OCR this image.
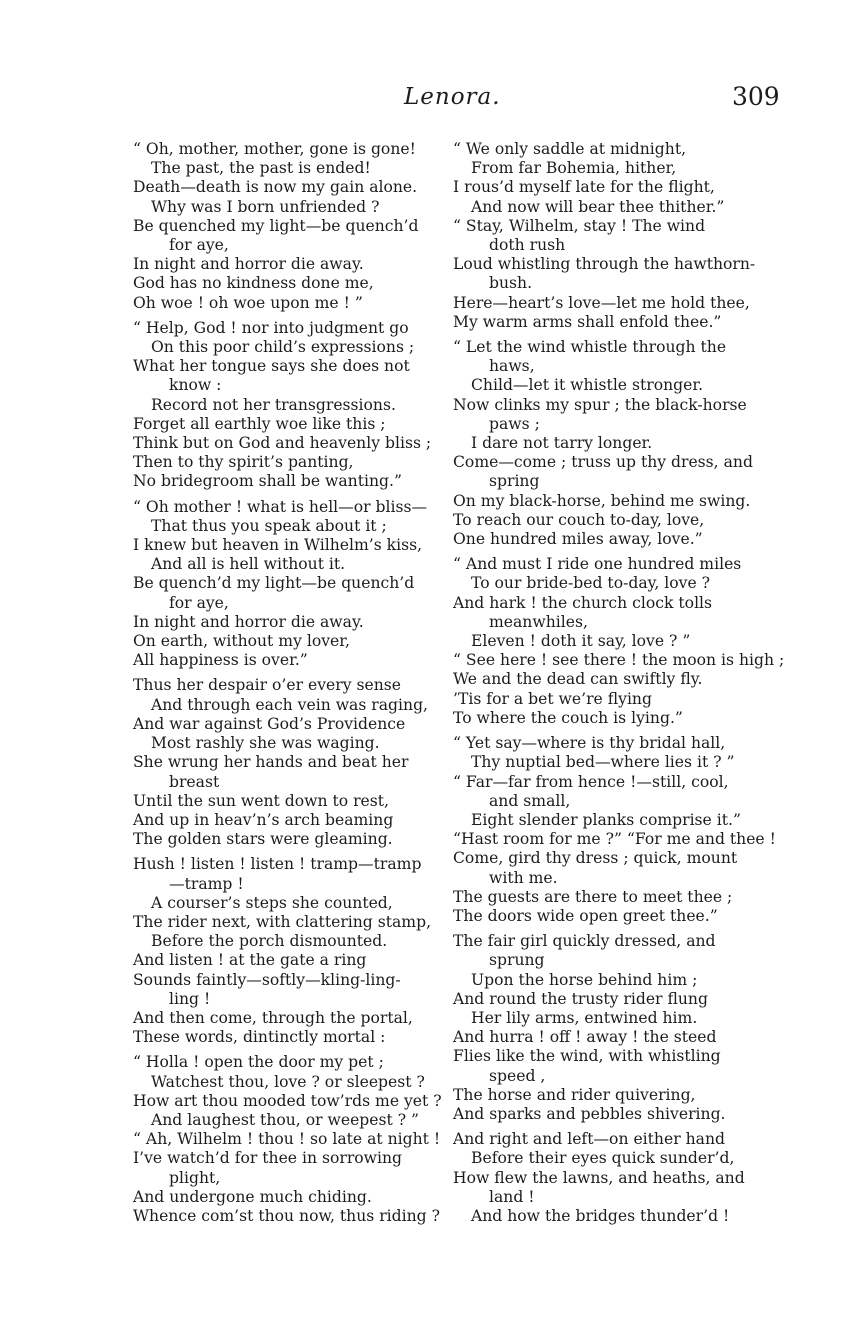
Lenora.	309
“ Oh, mother, mother, gone is gone!
The past, the past is ended!
Death—death is now my gain alone.
Why was I born unfriended ?
Be quenched my light—be quench’d
for aye,
In night and horror die away.
God has no kindness done me,
Oh woe ! oh woe upon me ! ”
“ Help, God ! nor into judgment go
On this poor child’s expressions ;
What her tongue says she does not
know :
Record not her transgressions.
Forget all earthly woe like this ;
Think but on God and heavenly bliss ;
Then to thy spirit’s panting,
No bridegroom shall be wanting.”
“ Oh mother ! what is hell—or bliss—
That thus you speak about it ;
I knew but heaven in Wilhelm’s kiss,
And all is hell without it.
Be quench’d my light—be quench’d
for aye,
In night and horror die away.
On earth, without my lover,
All happiness is over.”
Thus her despair o’er every sense
And through each vein was raging,
And war against God’s Providence
Most rashly she was waging.
She wrung her hands and beat her
breast
Until the sun went down to rest,
And up in heav’n’s arch beaming
The golden stars were gleaming.
Hush ! listen ! listen ! tramp—tramp
—tramp !
A courser’s steps she counted,
The rider next, with clattering stamp,
Before the porch dismounted.
And listen ! at the gate a ring
Sounds faintly—softly—kling-ling-
ling !
And then come, through the portal,
These words, dintinctly mortal :
“ Holla ! open the door my pet ;
Watchest thou, love ? or sleepest ?
How art thou mooded tow’rds me yet ?
And laughest thou, or weepest ? ”
“ Ah, Wilhelm ! thou ! so late at night !
I’ve watch’d for thee in sorrowing
plight,
And undergone much chiding.
Whence com’st thou now, thus riding ?
“ We only saddle at midnight,
From far Bohemia, hither,
I rous’d myself late for the flight,
And now will bear thee thither.”
“ Stay, Wilhelm, stay ! The wind
doth rush
Loud whistling through the hawthorn-
bush.
Here—heart’s love—let me hold thee,
My warm arms shall enfold thee.”
“ Let the wind whistle through the
haws,
Child—let it whistle stronger.
Now clinks my spur ; the black-horse
paws ;
I dare not tarry longer.
Come—come ; truss up thy dress, and
spring
On my black-horse, behind me swing.
To reach our couch to-day, love,
One hundred miles away, love.”
“ And must I ride one hundred miles
To our bride-bed to-day, love ?
And hark ! the church clock tolls
meanwhiles,
Eleven ! doth it say, love ? ”
“ See here ! see there ! the moon is high ;
We and the dead can swiftly fly.
’Tis for a bet we’re flying
To where the couch is lying.”
“ Yet say—where is thy bridal hall,
Thy nuptial bed—where lies it ? ”
“ Far—far from hence !—still, cool,
and small,
Eight slender planks comprise it.”
“Hast room for me ?” “For me and thee !
Come, gird thy dress ; quick, mount
with me.
The guests are there to meet thee ;
The doors wide open greet thee.”
The fair girl quickly dressed, and
sprung
Upon the horse behind him ;
And round the trusty rider flung
Her lily arms, entwined him.
And hurra ! off ! away ! the steed
Flies like the wind, with whistling
speed ,
The horse and rider quivering,
And sparks and pebbles shivering.
And right and left—on either hand
Before their eyes quick sunder’d,
How flew the lawns, and heaths, and
land !
And how the bridges thunder’d !
